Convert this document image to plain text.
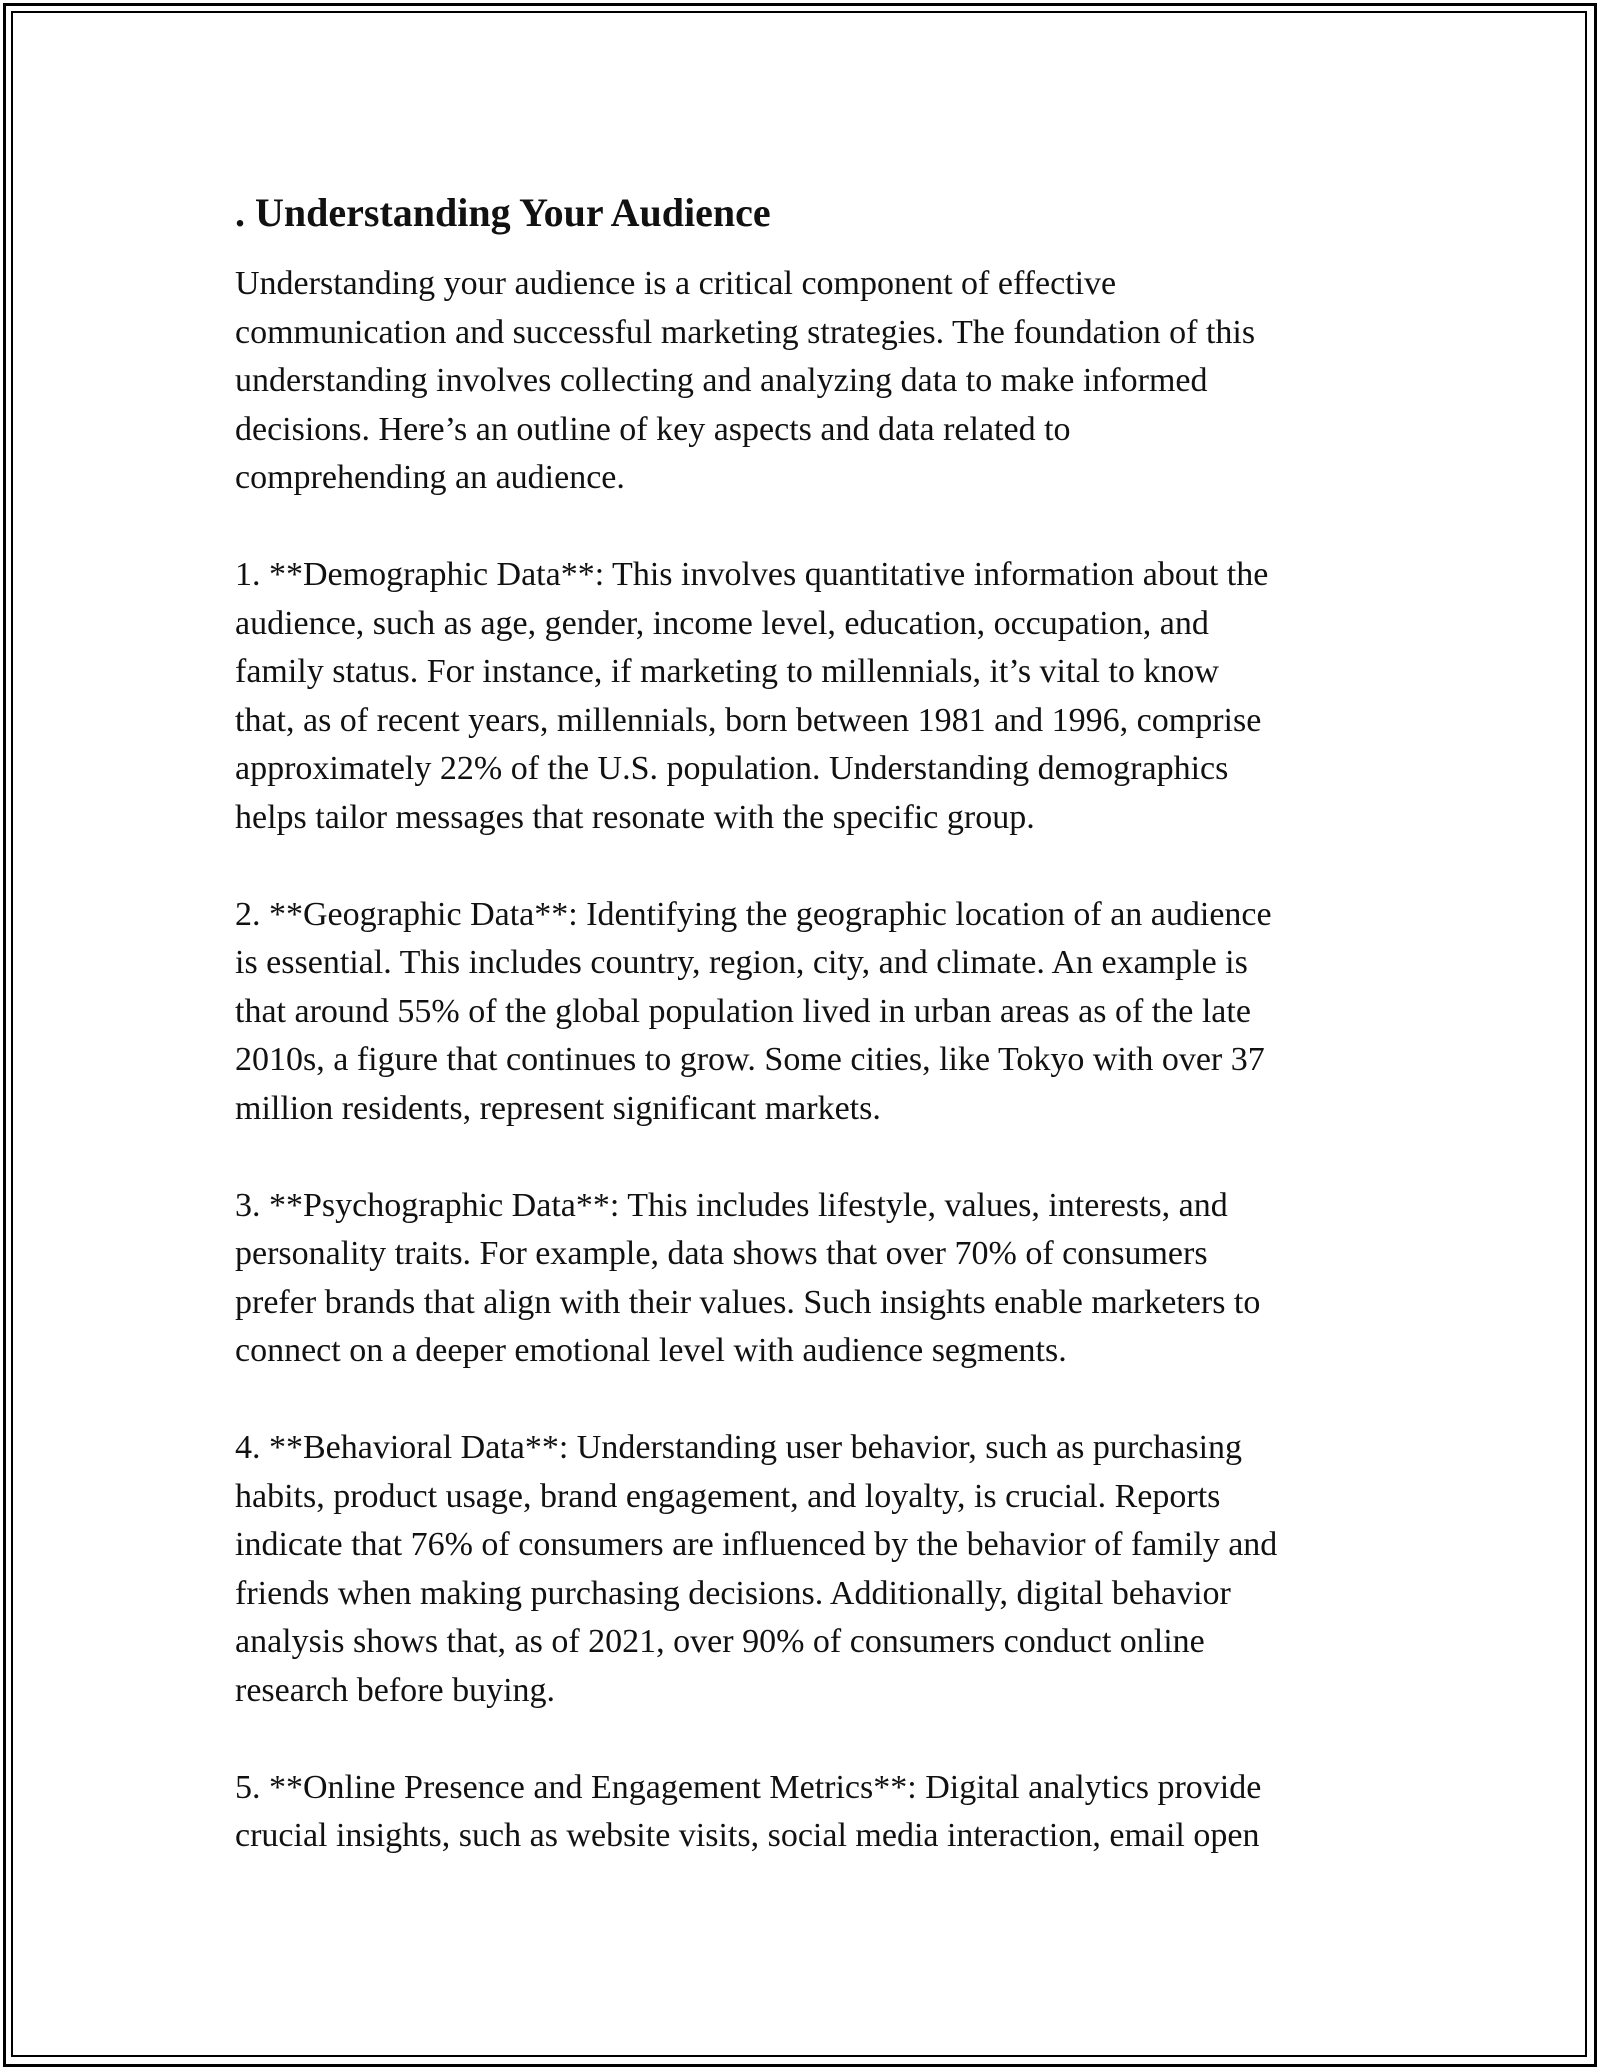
. Understanding Your Audience

Understanding your audience is a critical component of effective
communication and successful marketing strategies. The foundation of this
understanding involves collecting and analyzing data to make informed
decisions. Here’s an outline of key aspects and data related to
comprehending an audience.

1. **Demographic Data**: This involves quantitative information about the
audience, such as age, gender, income level, education, occupation, and
family status. For instance, if marketing to millennials, it’s vital to know
that, as of recent years, millennials, born between 1981 and 1996, comprise
approximately 22% of the U.S. population. Understanding demographics
helps tailor messages that resonate with the specific group.

2. **Geographic Data**: Identifying the geographic location of an audience
is essential. This includes country, region, city, and climate. An example is
that around 55% of the global population lived in urban areas as of the late
2010s, a figure that continues to grow. Some cities, like Tokyo with over 37
million residents, represent significant markets.

3. **Psychographic Data**: This includes lifestyle, values, interests, and
personality traits. For example, data shows that over 70% of consumers
prefer brands that align with their values. Such insights enable marketers to
connect on a deeper emotional level with audience segments.

4. **Behavioral Data**: Understanding user behavior, such as purchasing
habits, product usage, brand engagement, and loyalty, is crucial. Reports
indicate that 76% of consumers are influenced by the behavior of family and
friends when making purchasing decisions. Additionally, digital behavior
analysis shows that, as of 2021, over 90% of consumers conduct online
research before buying.

5. **Online Presence and Engagement Metrics**: Digital analytics provide
crucial insights, such as website visits, social media interaction, email open
